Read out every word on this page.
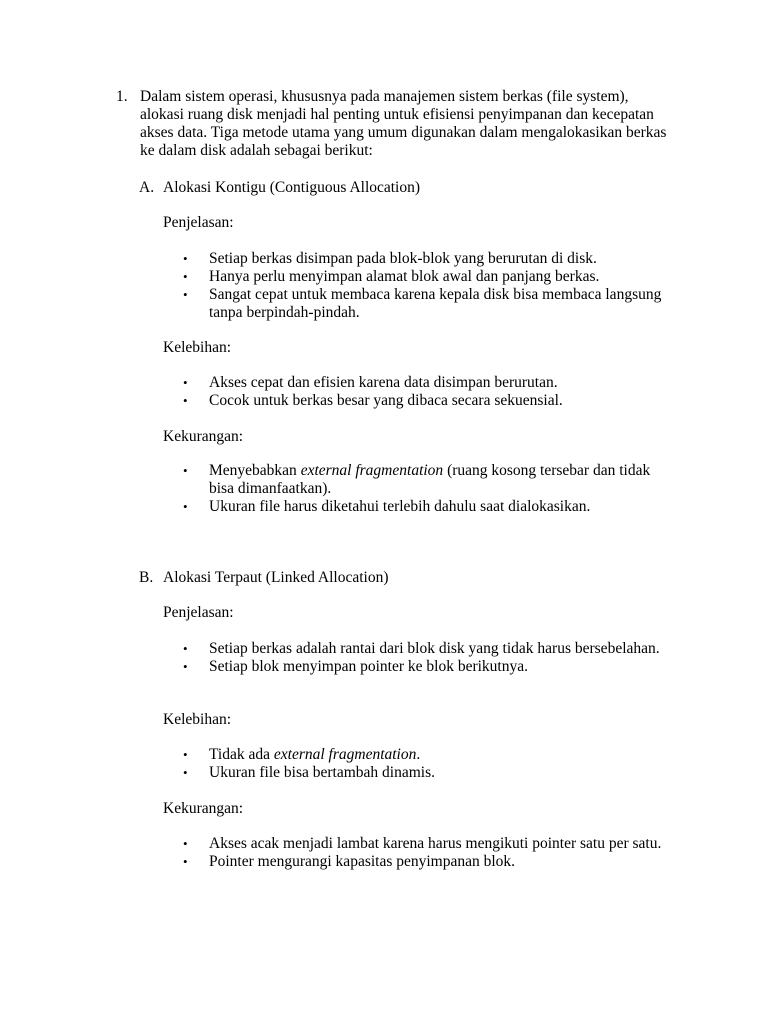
1. Dalam sistem operasi, khususnya pada manajemen sistem berkas (file system), alokasi ruang disk menjadi hal penting untuk efisiensi penyimpanan dan kecepatan akses data. Tiga metode utama yang umum digunakan dalam mengalokasikan berkas ke dalam disk adalah sebagai berikut:
A. Alokasi Kontigu (Contiguous Allocation)
Penjelasan:
• Setiap berkas disimpan pada blok-blok yang berurutan di disk.
• Hanya perlu menyimpan alamat blok awal dan panjang berkas.
• Sangat cepat untuk membaca karena kepala disk bisa membaca langsung tanpa berpindah-pindah.
Kelebihan:
• Akses cepat dan efisien karena data disimpan berurutan.
• Cocok untuk berkas besar yang dibaca secara sekuensial.
Kekurangan:
• Menyebabkan external fragmentation (ruang kosong tersebar dan tidak bisa dimanfaatkan).
• Ukuran file harus diketahui terlebih dahulu saat dialokasikan.
B. Alokasi Terpaut (Linked Allocation)
Penjelasan:
• Setiap berkas adalah rantai dari blok disk yang tidak harus bersebelahan.
• Setiap blok menyimpan pointer ke blok berikutnya.
Kelebihan:
• Tidak ada external fragmentation.
• Ukuran file bisa bertambah dinamis.
Kekurangan:
• Akses acak menjadi lambat karena harus mengikuti pointer satu per satu.
• Pointer mengurangi kapasitas penyimpanan blok.
